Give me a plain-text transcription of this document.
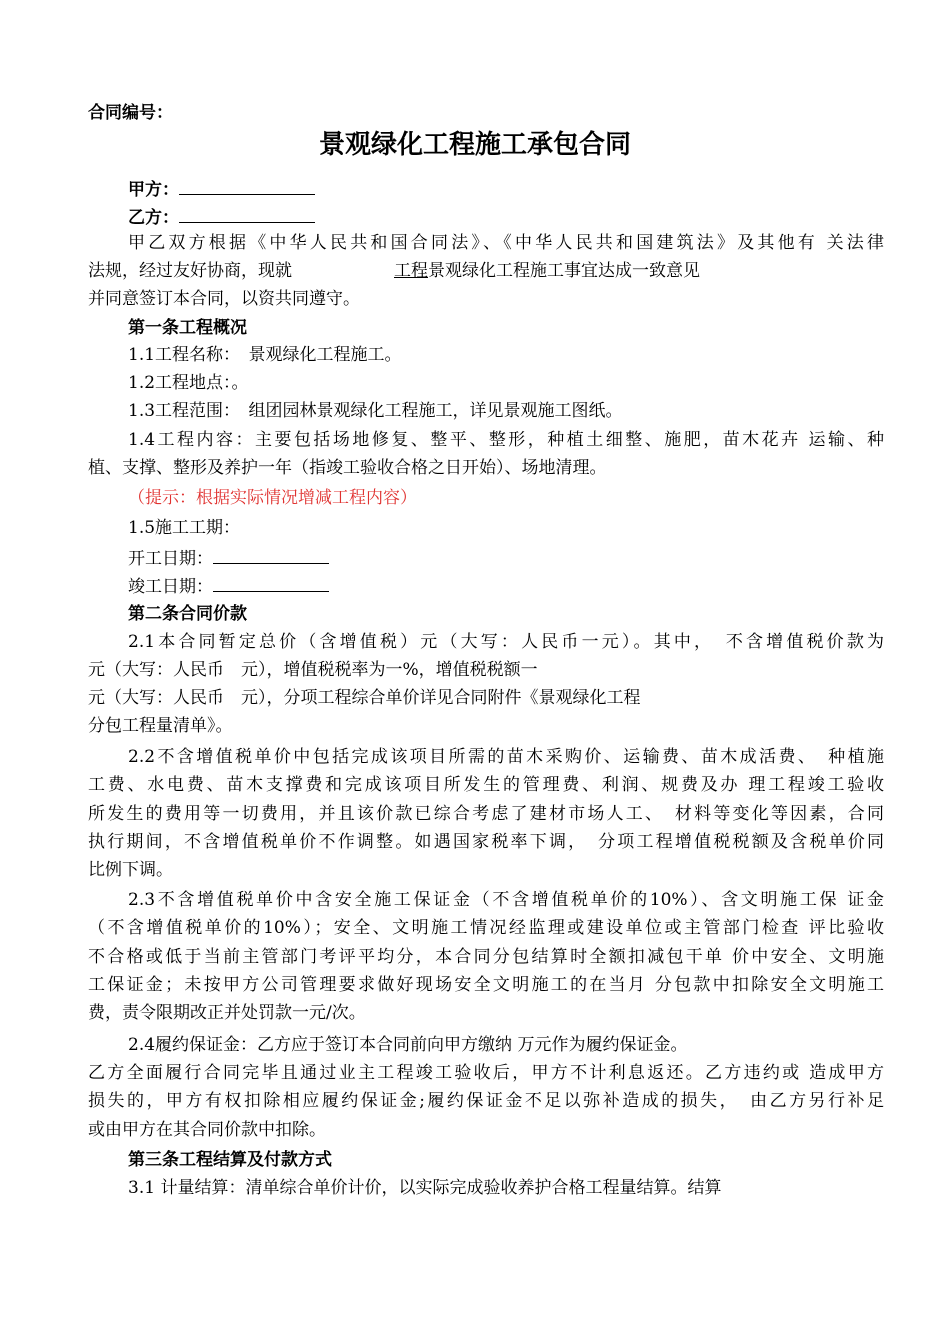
合同编号：
景观绿化工程施工承包合同
甲方：
乙方：
甲乙双方根据《中华人民共和国合同法》、《中华人民共和国建筑法》及其他有 关法律
法规，经过友好协商，现就	工程景观绿化工程施工事宜达成一致意见
并同意签订本合同，以资共同遵守。
第一条工程概况
1.1工程名称：　景观绿化工程施工。
1.2工程地点：。
1.3工程范围：　组团园林景观绿化工程施工，详见景观施工图纸。
1.4工程内容：主要包括场地修复、整平、整形，种植土细整、施肥，苗木花卉 运输、种
植、支撑、整形及养护一年（指竣工验收合格之日开始）、场地清理。
（提示：根据实际情况增减工程内容）
1.5施工工期：
开工日期：
竣工日期：
第二条合同价款
2.1本合同暂定总价（含增值税）元（大写：人民币一元）。其中，　不含增值税价款为
元（大写：人民币　元），增值税税率为一%，增值税税额一
元（大写：人民币　元），分项工程综合单价详见合同附件《景观绿化工程
分包工程量清单》。
2.2不含增值税单价中包括完成该项目所需的苗木采购价、运输费、苗木成活费、　种植施
工费、水电费、苗木支撑费和完成该项目所发生的管理费、利润、规费及办 理工程竣工验收
所发生的费用等一切费用，并且该价款已综合考虑了建材市场人工、　材料等变化等因素，合同
执行期间，不含增值税单价不作调整。如遇国家税率下调，　分项工程增值税税额及含税单价同
比例下调。
2.3不含增值税单价中含安全施工保证金（不含增值税单价的10%）、含文明施工保 证金
（不含增值税单价的10%）；安全、文明施工情况经监理或建设单位或主管部门检查 评比验收
不合格或低于当前主管部门考评平均分，本合同分包结算时全额扣减包干单 价中安全、文明施
工保证金；未按甲方公司管理要求做好现场安全文明施工的在当月 分包款中扣除安全文明施工
费，责令限期改正并处罚款一元/次。
2.4履约保证金：乙方应于签订本合同前向甲方缴纳 万元作为履约保证金。
乙方全面履行合同完毕且通过业主工程竣工验收后，甲方不计利息返还。乙方违约或 造成甲方
损失的，甲方有权扣除相应履约保证金;履约保证金不足以弥补造成的损失，　由乙方另行补足
或由甲方在其合同价款中扣除。
第三条工程结算及付款方式
3.1 计量结算：清单综合单价计价，以实际完成验收养护合格工程量结算。结算
